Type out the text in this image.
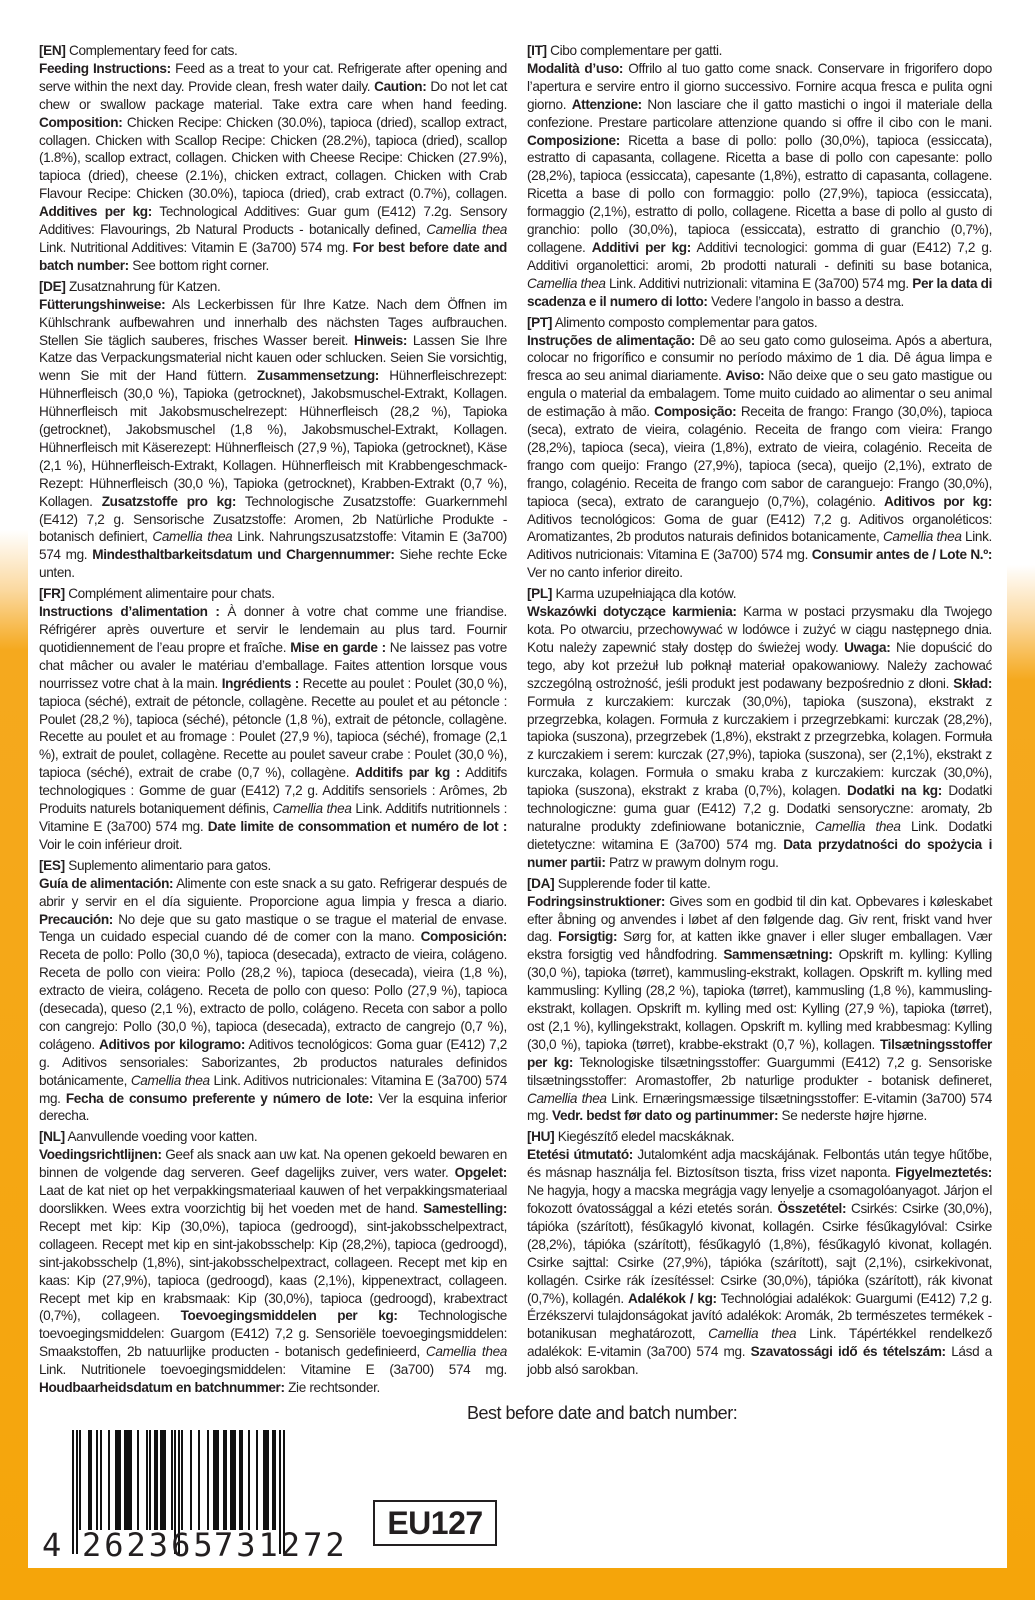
[EN] Complementary feed for cats.

Feeding Instructions: Feed as a treat to your cat. Refrigerate after opening and serve within the next day. Provide clean, fresh water daily. Caution: Do not let cat chew or swallow package material. Take extra care when hand feeding. Composition: Chicken Recipe: Chicken (30.0%), tapioca (dried), scallop extract, collagen. Chicken with Scallop Recipe: Chicken (28.2%), tapioca (dried), scallop (1.8%), scallop extract, collagen. Chicken with Cheese Recipe: Chicken (27.9%), tapioca (dried), cheese (2.1%), chicken extract, collagen. Chicken with Crab Flavour Recipe: Chicken (30.0%), tapioca (dried), crab extract (0.7%), collagen. Additives per kg: Technological Additives: Guar gum (E412) 7.2g. Sensory Additives: Flavourings, 2b Natural Products - botanically defined, Camellia thea Link. Nutritional Additives: Vitamin E (3a700) 574 mg. For best before date and batch number: See bottom right corner.

[DE] Zusatznahrung für Katzen.

Fütterungshinweise: Als Leckerbissen für Ihre Katze. Nach dem Öffnen im Kühlschrank aufbewahren und innerhalb des nächsten Tages aufbrauchen. Stellen Sie täglich sauberes, frisches Wasser bereit. Hinweis: Lassen Sie Ihre Katze das Verpackungsmaterial nicht kauen oder schlucken. Seien Sie vorsichtig, wenn Sie mit der Hand füttern. Zusammensetzung: Hühnerfleischrezept: Hühnerfleisch (30,0 %), Tapioka (getrocknet), Jakobsmuschel-Extrakt, Kollagen. Hühnerfleisch mit Jakobsmuschelrezept: Hühnerfleisch (28,2 %), Tapioka (getrocknet), Jakobsmuschel (1,8 %), Jakobsmuschel-Extrakt, Kollagen. Hühnerfleisch mit Käserezept: Hühnerfleisch (27,9 %), Tapioka (getrocknet), Käse (2,1 %), Hühnerfleisch-Extrakt, Kollagen. Hühnerfleisch mit Krabbengeschmack-Rezept: Hühnerfleisch (30,0 %), Tapioka (getrocknet), Krabben-Extrakt (0,7 %), Kollagen. Zusatzstoffe pro kg: Technologische Zusatzstoffe: Guarkernmehl (E412) 7,2 g. Sensorische Zusatzstoffe: Aromen, 2b Natürliche Produkte - botanisch definiert, Camellia thea Link. Nahrungszusatzstoffe: Vitamin E (3a700) 574 mg. Mindesthaltbarkeitsdatum und Chargennummer: Siehe rechte Ecke unten.

[FR] Complément alimentaire pour chats.

Instructions d’alimentation : À donner à votre chat comme une friandise. Réfrigérer après ouverture et servir le lendemain au plus tard. Fournir quotidiennement de l’eau propre et fraîche. Mise en garde : Ne laissez pas votre chat mâcher ou avaler le matériau d’emballage. Faites attention lorsque vous nourrissez votre chat à la main. Ingrédients : Recette au poulet : Poulet (30,0 %), tapioca (séché), extrait de pétoncle, collagène. Recette au poulet et au pétoncle : Poulet (28,2 %), tapioca (séché), pétoncle (1,8 %), extrait de pétoncle, collagène. Recette au poulet et au fromage : Poulet (27,9 %), tapioca (séché), fromage (2,1 %), extrait de poulet, collagène. Recette au poulet saveur crabe : Poulet (30,0 %), tapioca (séché), extrait de crabe (0,7 %), collagène. Additifs par kg : Additifs technologiques : Gomme de guar (E412) 7,2 g. Additifs sensoriels : Arômes, 2b Produits naturels botaniquement définis, Camellia thea Link. Additifs nutritionnels : Vitamine E (3a700) 574 mg. Date limite de consommation et numéro de lot : Voir le coin inférieur droit.

[ES] Suplemento alimentario para gatos.

Guía de alimentación: Alimente con este snack a su gato. Refrigerar después de abrir y servir en el día siguiente. Proporcione agua limpia y fresca a diario. Precaución: No deje que su gato mastique o se trague el material de envase. Tenga un cuidado especial cuando dé de comer con la mano. Composición: Receta de pollo: Pollo (30,0 %), tapioca (desecada), extracto de vieira, colágeno. Receta de pollo con vieira: Pollo (28,2 %), tapioca (desecada), vieira (1,8 %), extracto de vieira, colágeno. Receta de pollo con queso: Pollo (27,9 %), tapioca (desecada), queso (2,1 %), extracto de pollo, colágeno. Receta con sabor a pollo con cangrejo: Pollo (30,0 %), tapioca (desecada), extracto de cangrejo (0,7 %), colágeno. Aditivos por kilogramo: Aditivos tecnológicos: Goma guar (E412) 7,2 g. Aditivos sensoriales: Saborizantes, 2b productos naturales definidos botánicamente, Camellia thea Link. Aditivos nutricionales: Vitamina E (3a700) 574 mg. Fecha de consumo preferente y número de lote: Ver la esquina inferior derecha.

[NL] Aanvullende voeding voor katten.

Voedingsrichtlijnen: Geef als snack aan uw kat. Na openen gekoeld bewaren en binnen de volgende dag serveren. Geef dagelijks zuiver, vers water. Opgelet: Laat de kat niet op het verpakkingsmateriaal kauwen of het verpakkingsmateriaal doorslikken. Wees extra voorzichtig bij het voeden met de hand. Samestelling: Recept met kip: Kip (30,0%), tapioca (gedroogd), sint-jakobsschelpextract, collageen. Recept met kip en sint-jakobsschelp: Kip (28,2%), tapioca (gedroogd), sint-jakobsschelp (1,8%), sint-jakobsschelpextract, collageen. Recept met kip en kaas: Kip (27,9%), tapioca (gedroogd), kaas (2,1%), kippenextract, collageen. Recept met kip en krabsmaak: Kip (30,0%), tapioca (gedroogd), krabextract (0,7%), collageen. Toevoegingsmiddelen per kg: Technologische toevoegingsmiddelen: Guargom (E412) 7,2 g. Sensoriële toevoegingsmiddelen: Smaakstoffen, 2b natuurlijke producten - botanisch gedefinieerd, Camellia thea Link. Nutritionele toevoegingsmiddelen: Vitamine E (3a700) 574 mg. Houdbaarheidsdatum en batchnummer: Zie rechtsonder.

[IT] Cibo complementare per gatti.

Modalità d’uso: Offrilo al tuo gatto come snack. Conservare in frigorifero dopo l’apertura e servire entro il giorno successivo. Fornire acqua fresca e pulita ogni giorno. Attenzione: Non lasciare che il gatto mastichi o ingoi il materiale della confezione. Prestare particolare attenzione quando si offre il cibo con le mani. Composizione: Ricetta a base di pollo: pollo (30,0%), tapioca (essiccata), estratto di capasanta, collagene. Ricetta a base di pollo con capesante: pollo (28,2%), tapioca (essiccata), capesante (1,8%), estratto di capasanta, collagene. Ricetta a base di pollo con formaggio: pollo (27,9%), tapioca (essiccata), formaggio (2,1%), estratto di pollo, collagene. Ricetta a base di pollo al gusto di granchio: pollo (30,0%), tapioca (essiccata), estratto di granchio (0,7%), collagene. Additivi per kg: Additivi tecnologici: gomma di guar (E412) 7,2 g. Additivi organolettici: aromi, 2b prodotti naturali - definiti su base botanica, Camellia thea Link. Additivi nutrizionali: vitamina E (3a700) 574 mg. Per la data di scadenza e il numero di lotto: Vedere l’angolo in basso a destra.

[PT] Alimento composto complementar para gatos.

Instruções de alimentação: Dê ao seu gato como guloseima. Após a abertura, colocar no frigorífico e consumir no período máximo de 1 dia. Dê água limpa e fresca ao seu animal diariamente. Aviso: Não deixe que o seu gato mastigue ou engula o material da embalagem. Tome muito cuidado ao alimentar o seu animal de estimação à mão. Composição: Receita de frango: Frango (30,0%), tapioca (seca), extrato de vieira, colagénio. Receita de frango com vieira: Frango (28,2%), tapioca (seca), vieira (1,8%), extrato de vieira, colagénio. Receita de frango com queijo: Frango (27,9%), tapioca (seca), queijo (2,1%), extrato de frango, colagénio. Receita de frango com sabor de caranguejo: Frango (30,0%), tapioca (seca), extrato de caranguejo (0,7%), colagénio. Aditivos por kg: Aditivos tecnológicos: Goma de guar (E412) 7,2 g. Aditivos organoléticos: Aromatizantes, 2b produtos naturais definidos botanicamente, Camellia thea Link. Aditivos nutricionais: Vitamina E (3a700) 574 mg. Consumir antes de / Lote N.º: Ver no canto inferior direito.

[PL] Karma uzupełniająca dla kotów.

Wskazówki dotyczące karmienia: Karma w postaci przysmaku dla Twojego kota. Po otwarciu, przechowywać w lodówce i zużyć w ciągu następnego dnia. Kotu należy zapewnić stały dostęp do świeżej wody. Uwaga: Nie dopuścić do tego, aby kot przeżuł lub połknął materiał opakowaniowy. Należy zachować szczególną ostrożność, jeśli produkt jest podawany bezpośrednio z dłoni. Skład: Formuła z kurczakiem: kurczak (30,0%), tapioka (suszona), ekstrakt z przegrzebka, kolagen. Formuła z kurczakiem i przegrzebkami: kurczak (28,2%), tapioka (suszona), przegrzebek (1,8%), ekstrakt z przegrzebka, kolagen. Formuła z kurczakiem i serem: kurczak (27,9%), tapioka (suszona), ser (2,1%), ekstrakt z kurczaka, kolagen. Formuła o smaku kraba z kurczakiem: kurczak (30,0%), tapioka (suszona), ekstrakt z kraba (0,7%), kolagen. Dodatki na kg: Dodatki technologiczne: guma guar (E412) 7,2 g. Dodatki sensoryczne: aromaty, 2b naturalne produkty zdefiniowane botanicznie, Camellia thea Link. Dodatki dietetyczne: witamina E (3a700) 574 mg. Data przydatności do spożycia i numer partii: Patrz w prawym dolnym rogu.

[DA] Supplerende foder til katte.

Fodringsinstruktioner: Gives som en godbid til din kat. Opbevares i køleskabet efter åbning og anvendes i løbet af den følgende dag. Giv rent, friskt vand hver dag. Forsigtig: Sørg for, at katten ikke gnaver i eller sluger emballagen. Vær ekstra forsigtig ved håndfodring. Sammensætning: Opskrift m. kylling: Kylling (30,0 %), tapioka (tørret), kammusling-ekstrakt, kollagen. Opskrift m. kylling med kammusling: Kylling (28,2 %), tapioka (tørret), kammusling (1,8 %), kammusling-ekstrakt, kollagen. Opskrift m. kylling med ost: Kylling (27,9 %), tapioka (tørret), ost (2,1 %), kyllingekstrakt, kollagen. Opskrift m. kylling med krabbesmag: Kylling (30,0 %), tapioka (tørret), krabbe-ekstrakt (0,7 %), kollagen. Tilsætningsstoffer per kg: Teknologiske tilsætningsstoffer: Guargummi (E412) 7,2 g. Sensoriske tilsætningsstoffer: Aromastoffer, 2b naturlige produkter - botanisk defineret, Camellia thea Link. Ernæringsmæssige tilsætningsstoffer: E-vitamin (3a700) 574 mg. Vedr. bedst før dato og partinummer: Se nederste højre hjørne.

[HU] Kiegészítő eledel macskáknak.

Etetési útmutató: Jutalomként adja macskájának. Felbontás után tegye hűtőbe, és másnap használja fel. Biztosítson tiszta, friss vizet naponta. Figyelmeztetés: Ne hagyja, hogy a macska megrágja vagy lenyelje a csomagolóanyagot. Járjon el fokozott óvatossággal a kézi etetés során. Összetétel: Csirkés: Csirke (30,0%), tápióka (szárított), fésűkagyló kivonat, kollagén. Csirke fésűkagylóval: Csirke (28,2%), tápióka (szárított), fésűkagyló (1,8%), fésűkagyló kivonat, kollagén. Csirke sajttal: Csirke (27,9%), tápióka (szárított), sajt (2,1%), csirkekivonat, kollagén. Csirke rák ízesítéssel: Csirke (30,0%), tápióka (szárított), rák kivonat (0,7%), kollagén. Adalékok / kg: Technológiai adalékok: Guargumi (E412) 7,2 g. Érzékszervi tulajdonságokat javító adalékok: Aromák, 2b természetes termékek - botanikusan meghatározott, Camellia thea Link. Tápértékkel rendelkező adalékok: E-vitamin (3a700) 574 mg. Szavatossági idő és tételszám: Lásd a jobb alsó sarokban.

Best before date and batch number:
4 262365
731272
EU127
